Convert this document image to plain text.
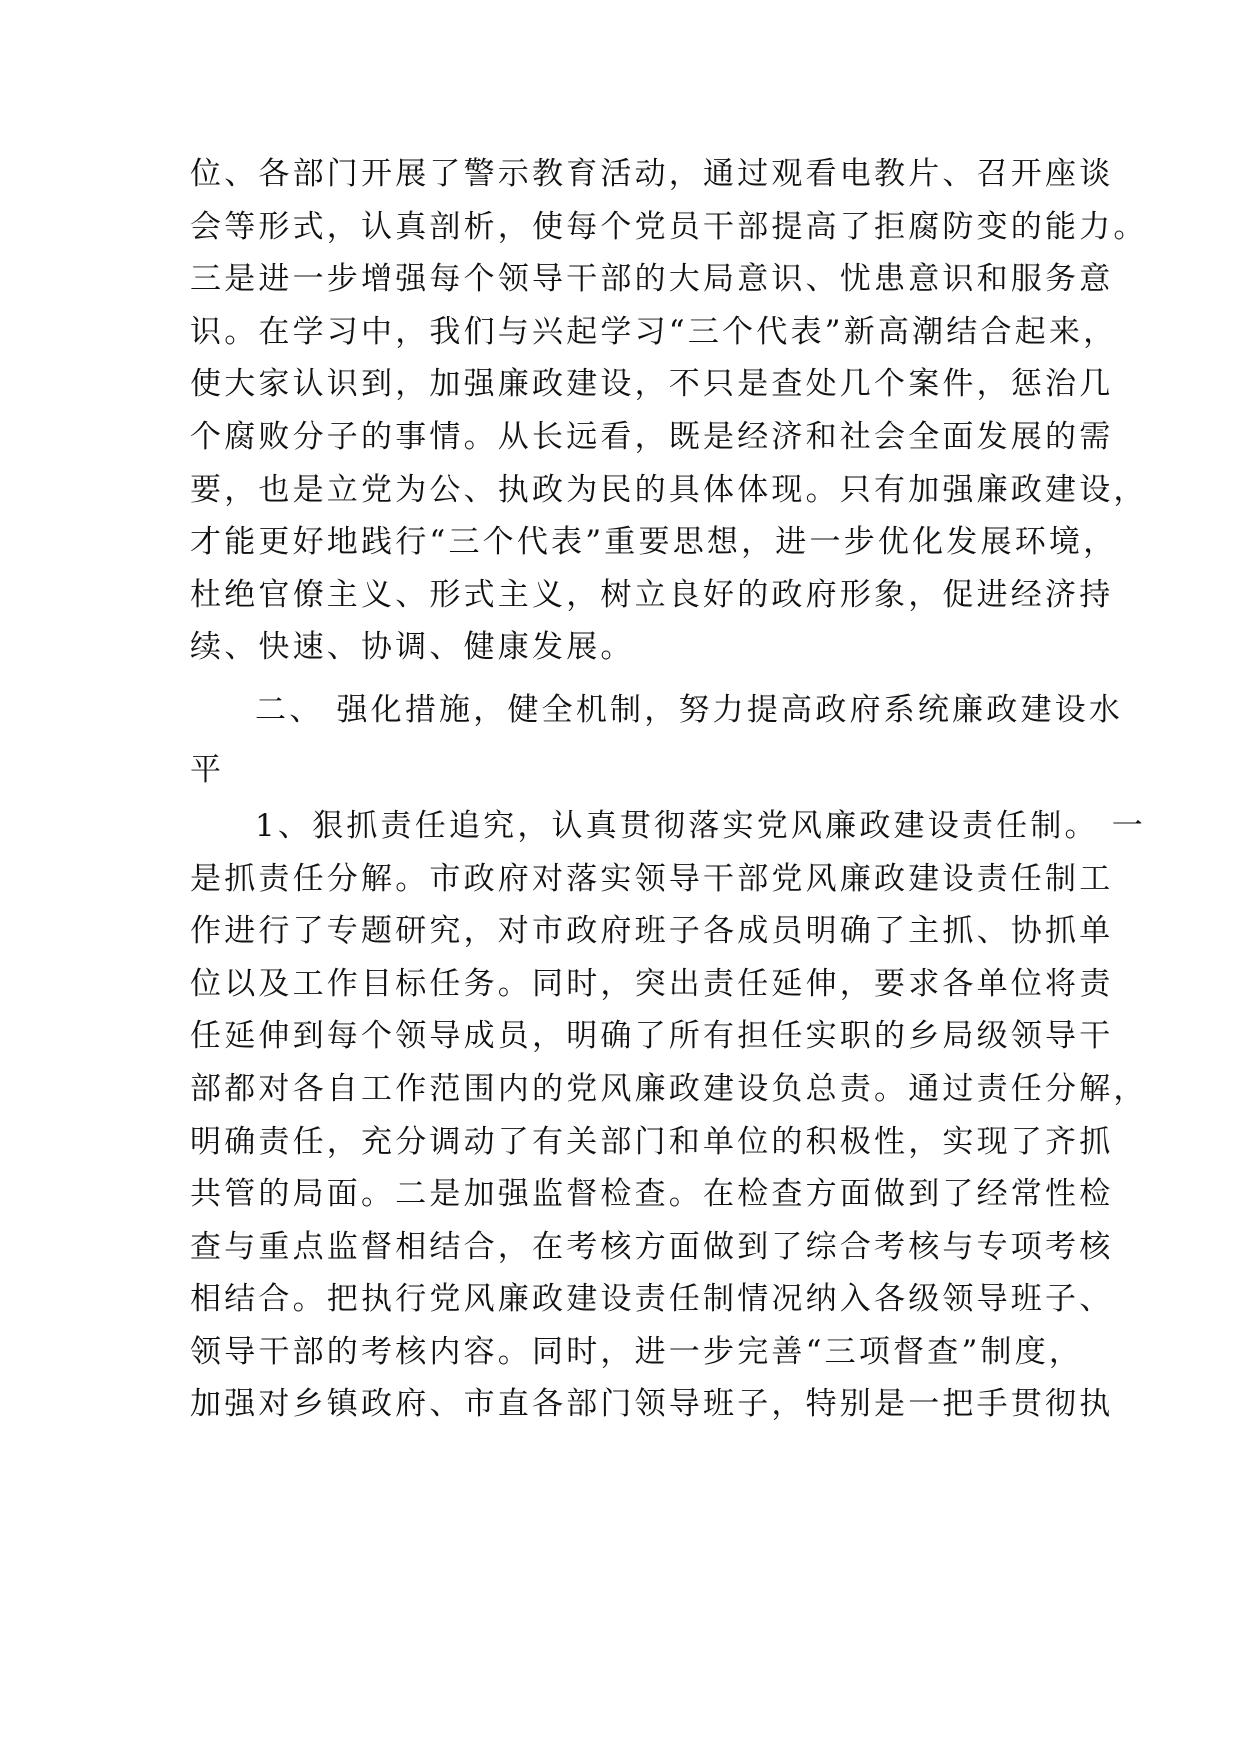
位、各部门开展了警示教育活动，通过观看电教片、召开座谈
会等形式，认真剖析，使每个党员干部提高了拒腐防变的能力。
三是进一步增强每个领导干部的大局意识、忧患意识和服务意
识。在学习中，我们与兴起学习“三个代表”新高潮结合起来，
使大家认识到，加强廉政建设，不只是查处几个案件，惩治几
个腐败分子的事情。从长远看，既是经济和社会全面发展的需
要，也是立党为公、执政为民的具体体现。只有加强廉政建设，
才能更好地践行“三个代表”重要思想，进一步优化发展环境，
杜绝官僚主义、形式主义，树立良好的政府形象，促进经济持
续、快速、协调、健康发展。
二、 强化措施，健全机制，努力提高政府系统廉政建设水
平
1、狠抓责任追究，认真贯彻落实党风廉政建设责任制。 一
是抓责任分解。市政府对落实领导干部党风廉政建设责任制工
作进行了专题研究，对市政府班子各成员明确了主抓、协抓单
位以及工作目标任务。同时，突出责任延伸，要求各单位将责
任延伸到每个领导成员，明确了所有担任实职的乡局级领导干
部都对各自工作范围内的党风廉政建设负总责。通过责任分解，
明确责任，充分调动了有关部门和单位的积极性，实现了齐抓
共管的局面。二是加强监督检查。在检查方面做到了经常性检
查与重点监督相结合，在考核方面做到了综合考核与专项考核
相结合。把执行党风廉政建设责任制情况纳入各级领导班子、
领导干部的考核内容。同时，进一步完善“三项督查”制度，
加强对乡镇政府、市直各部门领导班子，特别是一把手贯彻执
